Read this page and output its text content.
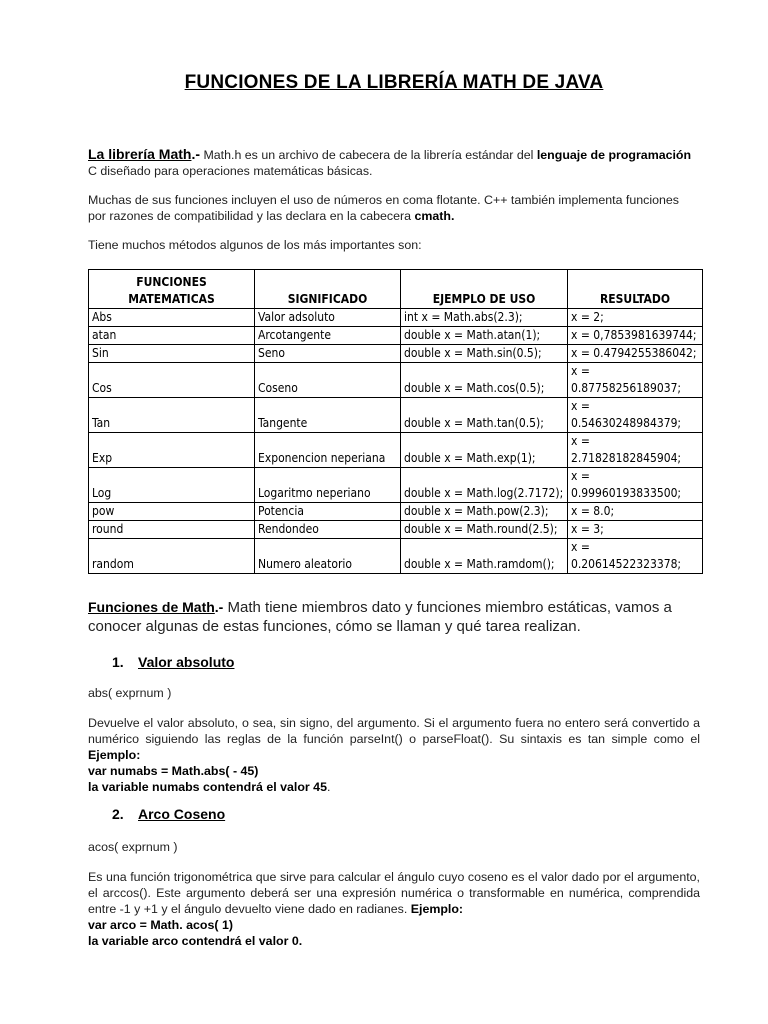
FUNCIONES DE LA LIBRERÍA MATH DE JAVA
La librería Math.- Math.h es un archivo de cabecera de la librería estándar del lenguaje de programación C diseñado para operaciones matemáticas básicas.
Muchas de sus funciones incluyen el uso de números en coma flotante. C++ también implementa funciones por razones de compatibilidad y las declara en la cabecera cmath.
Tiene muchos métodos algunos de los más importantes son:
FUNCIONES MATEMATICAS	SIGNIFICADO	EJEMPLO DE USO	RESULTADO
Abs	Valor adsoluto	int x = Math.abs(2.3);	x = 2;
atan	Arcotangente	double x = Math.atan(1);	x = 0,7853981639744;
Sin	Seno	double x = Math.sin(0.5);	x = 0.4794255386042;
Cos	Coseno	double x = Math.cos(0.5);	x = 0.87758256189037;
Tan	Tangente	double x = Math.tan(0.5);	x = 0.54630248984379;
Exp	Exponencion neperiana	double x = Math.exp(1);	x = 2.71828182845904;
Log	Logaritmo neperiano	double x = Math.log(2.7172);	x = 0.99960193833500;
pow	Potencia	double x = Math.pow(2.3);	x = 8.0;
round	Rendondeo	double x = Math.round(2.5);	x = 3;
random	Numero aleatorio	double x = Math.ramdom();	x = 0.20614522323378;
Funciones de Math.- Math tiene miembros dato y funciones miembro estáticas, vamos a conocer algunas de estas funciones, cómo se llaman y qué tarea realizan.
1. Valor absoluto
abs( exprnum )
Devuelve el valor absoluto, o sea, sin signo, del argumento. Si el argumento fuera no entero será convertido a numérico siguiendo las reglas de la función parseInt() o parseFloat(). Su sintaxis es tan simple como el Ejemplo:
var numabs = Math.abs( - 45)
la variable numabs contendrá el valor 45.
2. Arco Coseno
acos( exprnum )
Es una función trigonométrica que sirve para calcular el ángulo cuyo coseno es el valor dado por el argumento, el arccos(). Este argumento deberá ser una expresión numérica o transformable en numérica, comprendida entre -1 y +1 y el ángulo devuelto viene dado en radianes. Ejemplo:
var arco = Math. acos( 1)
la variable arco contendrá el valor 0.
